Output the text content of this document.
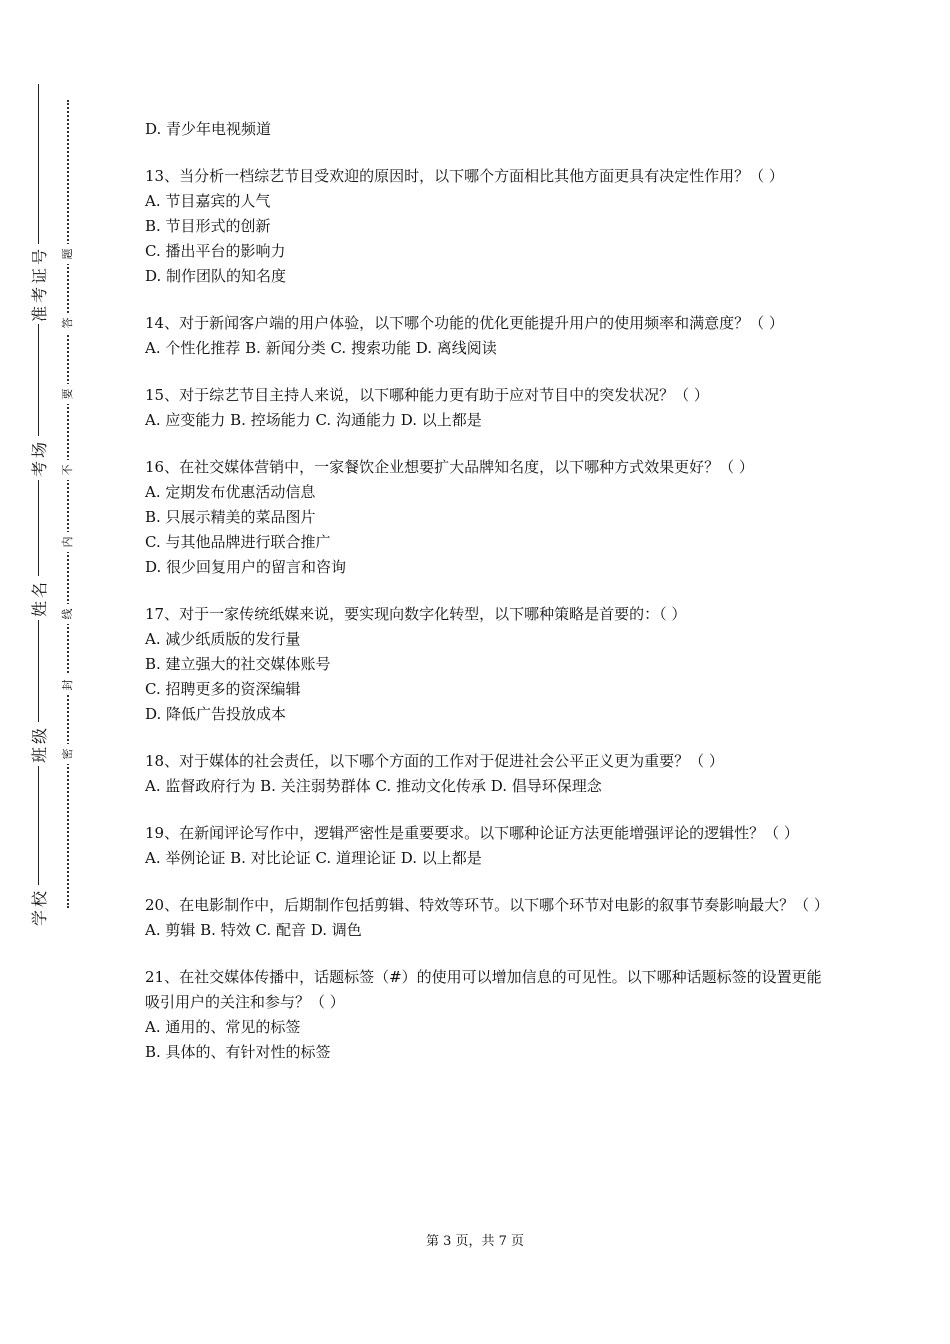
准考证号
考场
姓名
班级
学校
题
答
要
不
内
线
封
密
D. 青少年电视频道
13、当分析一档综艺节目受欢迎的原因时，以下哪个方面相比其他方面更具有决定性作用？（ ）
A. 节目嘉宾的人气
B. 节目形式的创新
C. 播出平台的影响力
D. 制作团队的知名度
14、对于新闻客户端的用户体验，以下哪个功能的优化更能提升用户的使用频率和满意度？（ ）
A. 个性化推荐 B. 新闻分类 C. 搜索功能 D. 离线阅读
15、对于综艺节目主持人来说，以下哪种能力更有助于应对节目中的突发状况？（ ）
A. 应变能力 B. 控场能力 C. 沟通能力 D. 以上都是
16、在社交媒体营销中，一家餐饮企业想要扩大品牌知名度，以下哪种方式效果更好？（ ）
A. 定期发布优惠活动信息
B. 只展示精美的菜品图片
C. 与其他品牌进行联合推广
D. 很少回复用户的留言和咨询
17、对于一家传统纸媒来说，要实现向数字化转型，以下哪种策略是首要的：（ ）
A. 减少纸质版的发行量
B. 建立强大的社交媒体账号
C. 招聘更多的资深编辑
D. 降低广告投放成本
18、对于媒体的社会责任，以下哪个方面的工作对于促进社会公平正义更为重要？（ ）
A. 监督政府行为 B. 关注弱势群体 C. 推动文化传承 D. 倡导环保理念
19、在新闻评论写作中，逻辑严密性是重要要求。以下哪种论证方法更能增强评论的逻辑性？（ ）
A. 举例论证 B. 对比论证 C. 道理论证 D. 以上都是
20、在电影制作中，后期制作包括剪辑、特效等环节。以下哪个环节对电影的叙事节奏影响最大？（ ）
A. 剪辑 B. 特效 C. 配音 D. 调色
21、在社交媒体传播中，话题标签（#）的使用可以增加信息的可见性。以下哪种话题标签的设置更能吸引用户的关注和参与？（ ）
A. 通用的、常见的标签
B. 具体的、有针对性的标签
第 3 页，共 7 页
